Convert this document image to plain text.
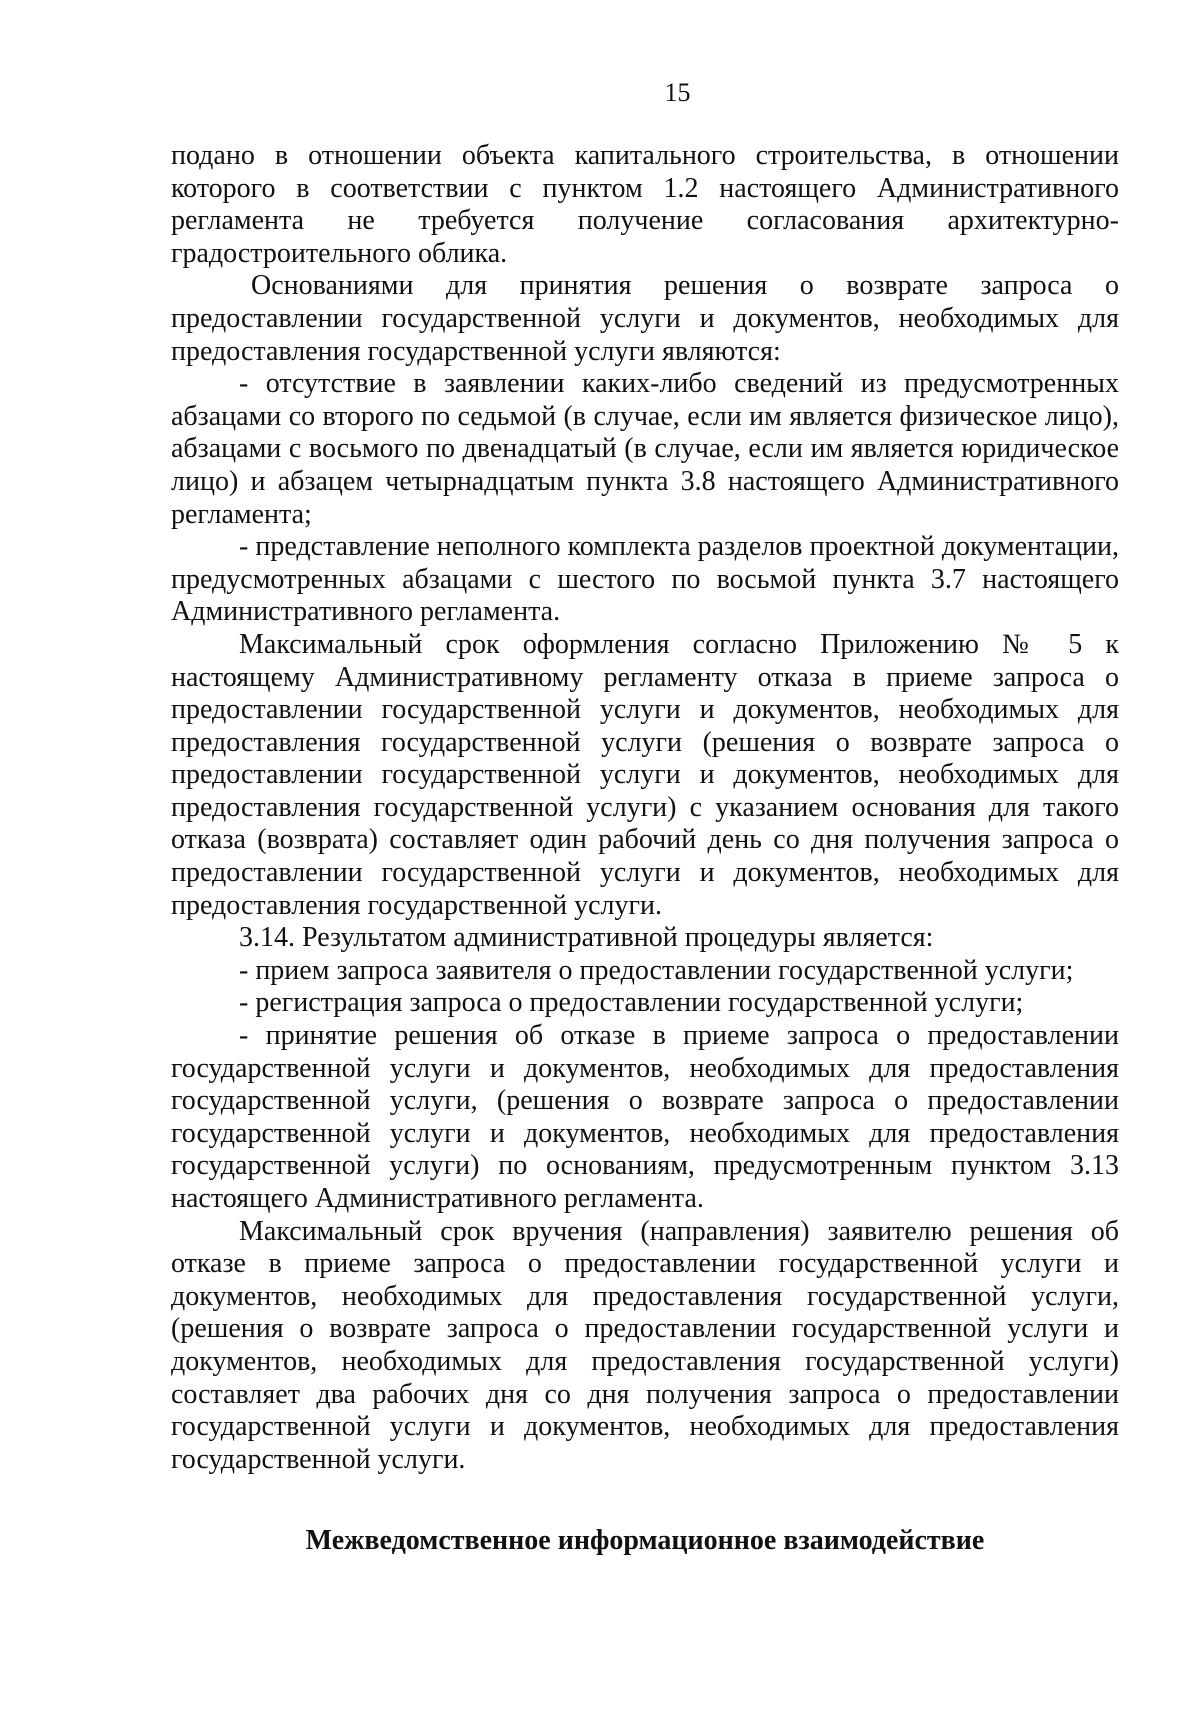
15

подано в отношении объекта капитального строительства, в отношении которого в соответствии с пунктом 1.2 настоящего Административного регламента не требуется получение согласования архитектурно-градостроительного облика.

Основаниями для принятия решения о возврате запроса о предоставлении государственной услуги и документов, необходимых для предоставления государственной услуги являются:

- отсутствие в заявлении каких-либо сведений из предусмотренных абзацами со второго по седьмой (в случае, если им является физическое лицо), абзацами с восьмого по двенадцатый (в случае, если им является юридическое лицо) и абзацем четырнадцатым пункта 3.8 настоящего Административного регламента;

- представление неполного комплекта разделов проектной документации, предусмотренных абзацами с шестого по восьмой пункта 3.7 настоящего Административного регламента.

Максимальный срок оформления согласно Приложению № 5 к настоящему Административному регламенту отказа в приеме запроса о предоставлении государственной услуги и документов, необходимых для предоставления государственной услуги (решения о возврате запроса о предоставлении государственной услуги и документов, необходимых для предоставления государственной услуги) с указанием основания для такого отказа (возврата) составляет один рабочий день со дня получения запроса о предоставлении государственной услуги и документов, необходимых для предоставления государственной услуги.

3.14. Результатом административной процедуры является:

- прием запроса заявителя о предоставлении государственной услуги;

- регистрация запроса о предоставлении государственной услуги;

- принятие решения об отказе в приеме запроса о предоставлении государственной услуги и документов, необходимых для предоставления государственной услуги, (решения о возврате запроса о предоставлении государственной услуги и документов, необходимых для предоставления государственной услуги) по основаниям, предусмотренным пунктом 3.13 настоящего Административного регламента.

Максимальный срок вручения (направления) заявителю решения об отказе в приеме запроса о предоставлении государственной услуги и документов, необходимых для предоставления государственной услуги, (решения о возврате запроса о предоставлении государственной услуги и документов, необходимых для предоставления государственной услуги) составляет два рабочих дня со дня получения запроса о предоставлении государственной услуги и документов, необходимых для предоставления государственной услуги.

Межведомственное информационное взаимодействие
